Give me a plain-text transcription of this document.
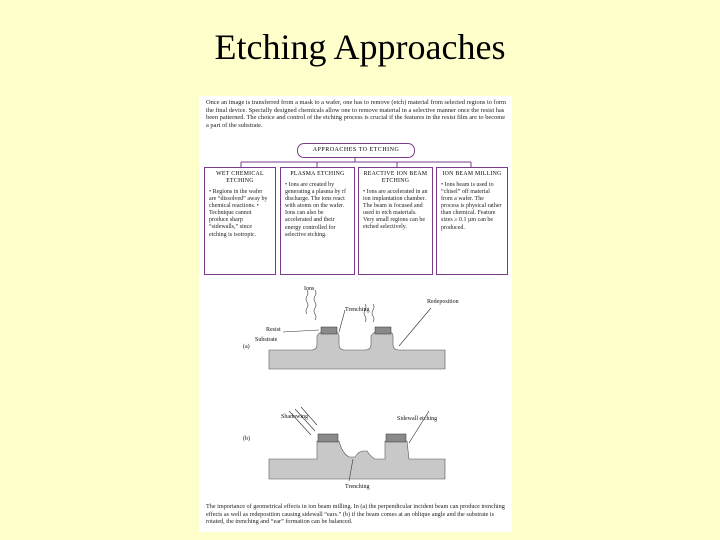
Etching Approaches
Once an image is transferred from a mask to a wafer, one has to remove (etch) material from selected regions to form the final device. Specially designed chemicals allow one to remove material in a selective manner once the resist has been patterned. The choice and control of the etching process is crucial if the features in the resist film are to become a part of the substrate.
APPROACHES TO ETCHING
WET CHEMICAL ETCHING
• Regions in the wafer are “dissolved” away by chemical reactions. • Technique cannot produce sharp “sidewalls,” since etching is isotropic.
PLASMA ETCHING
• Ions are created by generating a plasma by rf discharge. The ions react with atoms on the wafer. Ions can also be accelerated and their energy controlled for selective etching.
REACTIVE ION BEAM ETCHING
• Ions are accelerated in an ion implantation chamber. The beam is focused and used to etch materials. Very small regions can be etched selectively.
ION BEAM MILLING
• Ions beam is used to “chisel” off material from a wafer. The process is physical rather than chemical. Feature sizes ≥ 0.1 µm can be produced.
Ions
Trenching
Redeposition
Resist
Substrate
(a)
Shadowing	Sidewall etching
(b)
Trenching
The importance of geometrical effects in ion beam milling. In (a) the perpendicular incident beam can produce trenching effects as well as redeposition causing sidewall “ears.” (b) if the beam comes at an oblique angle and the substrate is rotated, the trenching and “ear” formation can be balanced.
